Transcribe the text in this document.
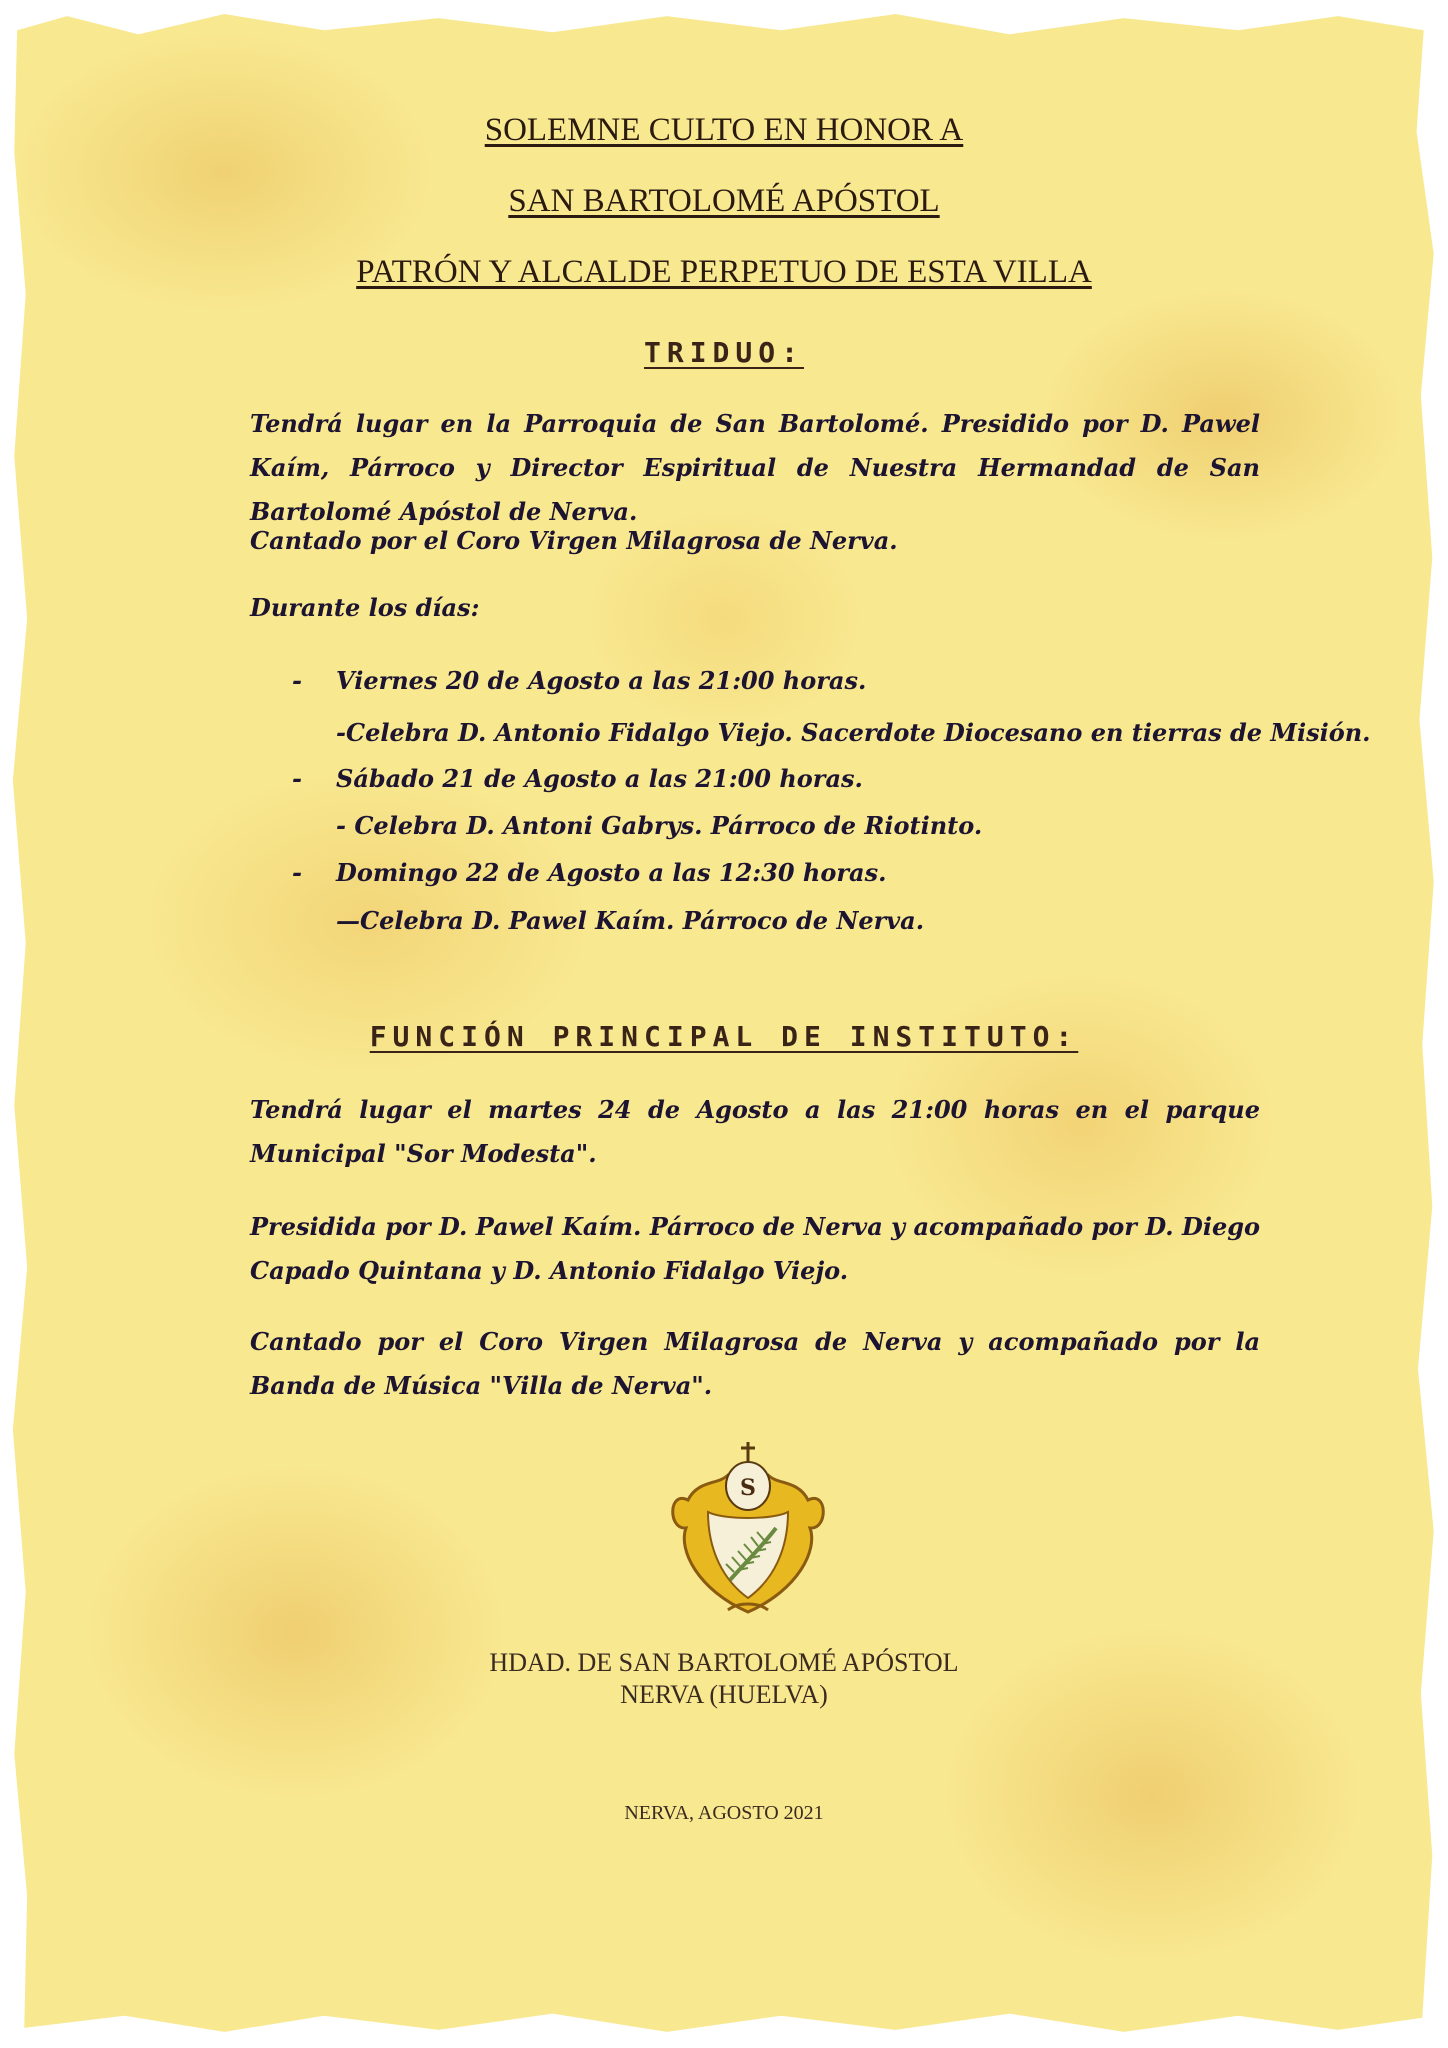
SOLEMNE CULTO EN HONOR A
SAN BARTOLOMÉ APÓSTOL
PATRÓN Y ALCALDE PERPETUO DE ESTA VILLA
TRIDUO:
Tendrá lugar en la Parroquia de San Bartolomé. Presidido por D. Pawel Kaím, Párroco y Director Espiritual de Nuestra Hermandad de San Bartolomé Apóstol de Nerva.
Cantado por el Coro Virgen Milagrosa de Nerva.
Durante los días:
- Viernes 20 de Agosto a las 21:00 horas.
-Celebra D. Antonio Fidalgo Viejo. Sacerdote Diocesano en tierras de Misión.
- Sábado 21 de Agosto a las 21:00 horas.
- Celebra D. Antoni Gabrys. Párroco de Riotinto.
- Domingo 22 de Agosto a las 12:30 horas.
—Celebra D. Pawel Kaím. Párroco de Nerva.
FUNCIÓN PRINCIPAL DE INSTITUTO:
Tendrá lugar el martes 24 de Agosto a las 21:00 horas en el parque Municipal "Sor Modesta".
Presidida por D. Pawel Kaím. Párroco de Nerva y acompañado por D. Diego Capado Quintana y D. Antonio Fidalgo Viejo.
Cantado por el Coro Virgen Milagrosa de Nerva y acompañado por la Banda de Música "Villa de Nerva".
S
HDAD. DE SAN BARTOLOMÉ APÓSTOL
NERVA (HUELVA)
NERVA, AGOSTO 2021
